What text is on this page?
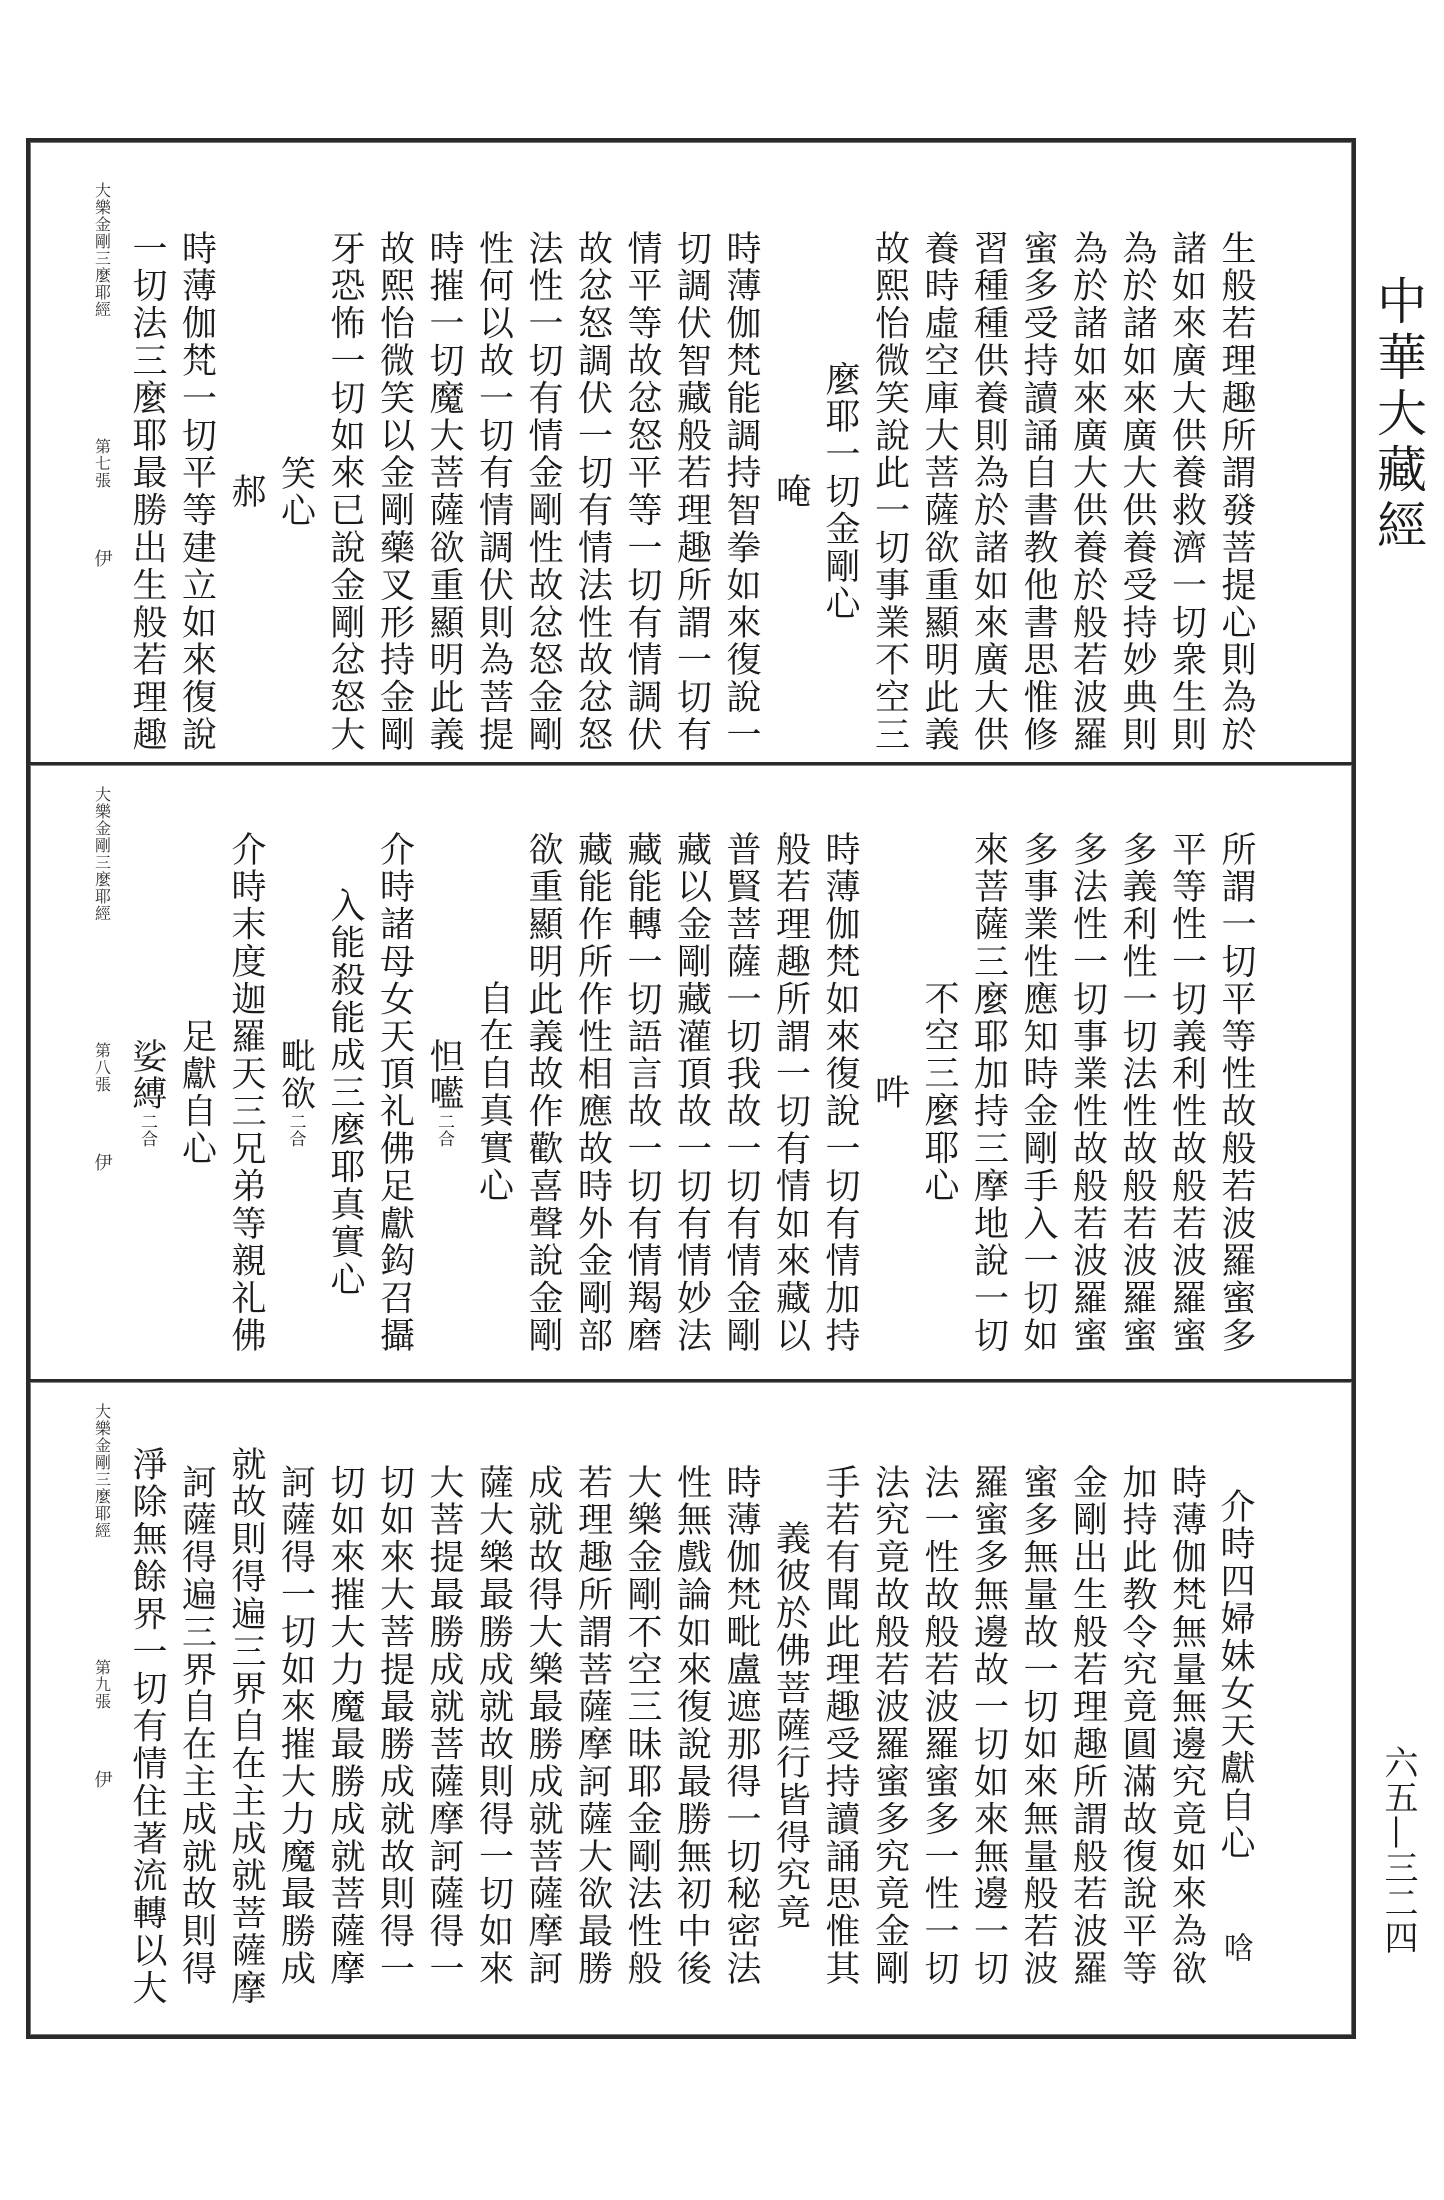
生般若理趣所謂發菩提心則為於
諸如來廣大供養救濟一切衆生則
為於諸如來廣大供養受持妙典則
為於諸如來廣大供養於般若波羅
蜜多受持讀誦自書教他書思惟修
習種種供養則為於諸如來廣大供
養時虛空庫大菩薩欲重顯明此義
故熙怡微笑說此一切事業不空三
麼耶一切金剛心
唵
時薄伽梵能調持智拳如來復說一
切調伏智藏般若理趣所謂一切有
情平等故忿怒平等一切有情調伏
故忿怒調伏一切有情法性故忿怒
法性一切有情金剛性故忿怒金剛
性何以故一切有情調伏則為菩提
時摧一切魔大菩薩欲重顯明此義
故熙怡微笑以金剛藥叉形持金剛
牙恐怖一切如來已說金剛忿怒大
笑心
郝
時薄伽梵一切平等建立如來復說
一切法三麼耶最勝出生般若理趣
大樂金剛三麼耶經第七張伊
所謂一切平等性故般若波羅蜜多
平等性一切義利性故般若波羅蜜
多義利性一切法性故般若波羅蜜
多法性一切事業性故般若波羅蜜
多事業性應知時金剛手入一切如
來菩薩三麼耶加持三摩地說一切
不空三麼耶心
吽
時薄伽梵如來復說一切有情加持
般若理趣所謂一切有情如來藏以
普賢菩薩一切我故一切有情金剛
藏以金剛藏灌頂故一切有情妙法
藏能轉一切語言故一切有情羯磨
藏能作所作性相應故時外金剛部
欲重顯明此義故作歡喜聲說金剛
自在自真實心
怛㘕二合
介時諸母女天頂礼佛足獻鈎召攝
入能殺能成三麼耶真實心
毗欲二合
介時末度迦羅天三兄弟等親礼佛
足獻自心
娑縛二合
大樂金剛三麼耶經第八張伊
介時四婦妹女天獻自心唅
時薄伽梵無量無邊究竟如來為欲
加持此教令究竟圓滿故復說平等
金剛出生般若理趣所謂般若波羅
蜜多無量故一切如來無量般若波
羅蜜多無邊故一切如來無邊一切
法一性故般若波羅蜜多一性一切
法究竟故般若波羅蜜多究竟金剛
手若有聞此理趣受持讀誦思惟其
義彼於佛菩薩行皆得究竟
時薄伽梵毗盧遮那得一切秘密法
性無戲論如來復說最勝無初中後
大樂金剛不空三昧耶金剛法性般
若理趣所謂菩薩摩訶薩大欲最勝
成就故得大樂最勝成就菩薩摩訶
薩大樂最勝成就故則得一切如來
大菩提最勝成就菩薩摩訶薩得一
切如來大菩提最勝成就故則得一
切如來摧大力魔最勝成就菩薩摩
訶薩得一切如來摧大力魔最勝成
就故則得遍三界自在主成就菩薩摩
訶薩得遍三界自在主成就故則得
淨除無餘界一切有情住著流轉以大
大樂金剛三麼耶經第九張伊
中華大藏經
六五—三二四
